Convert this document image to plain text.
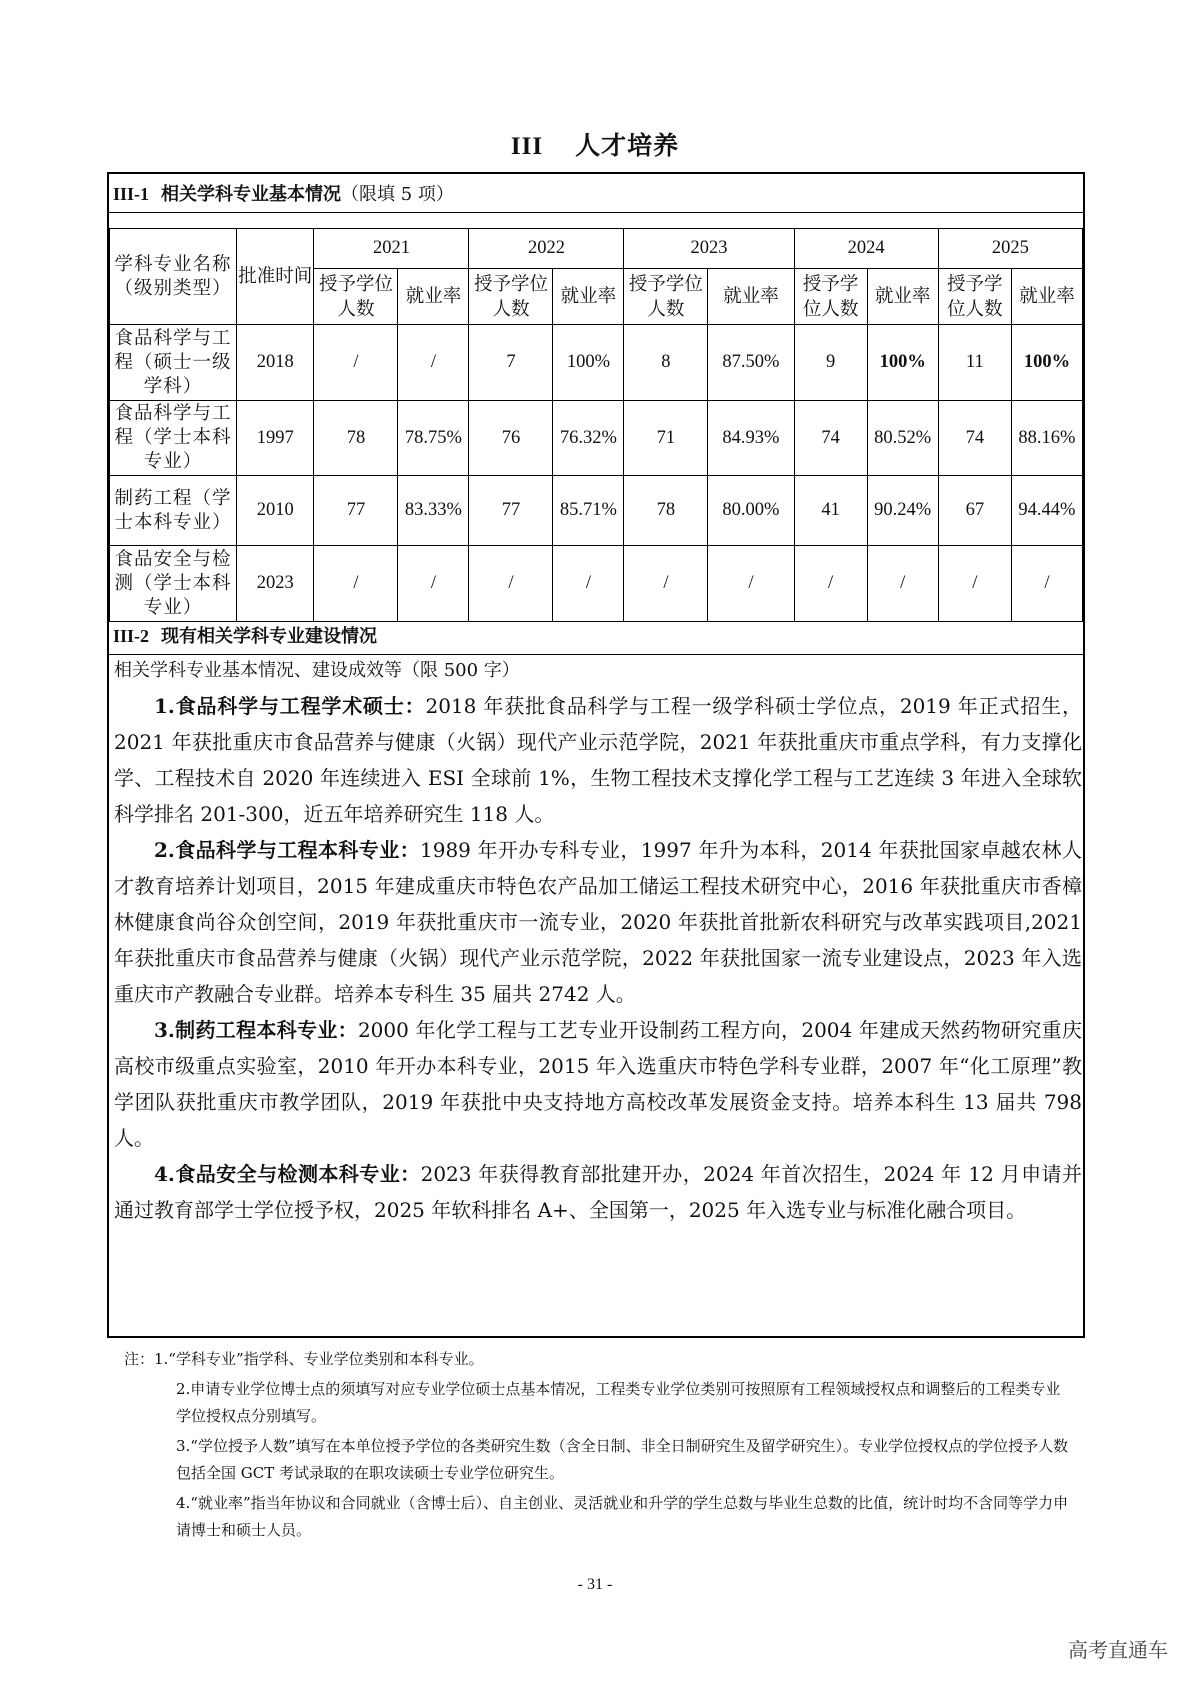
III 人才培养
III-1 相关学科专业基本情况（限填 5 项）
学科专业名称（级别类型）	批准时间	2021		2022		2023		2024		2025	
		授予学位人数	就业率	授予学位人数	就业率	授予学位人数	就业率	授予学位人数	就业率	授予学位人数	就业率
食品科学与工程（硕士一级学科）	2018	/	/	7	100%	8	87.50%	9	100%	11	100%
食品科学与工程（学士本科专业）	1997	78	78.75%	76	76.32%	71	84.93%	74	80.52%	74	88.16%
制药工程（学士本科专业）	2010	77	83.33%	77	85.71%	78	80.00%	41	90.24%	67	94.44%
食品安全与检测（学士本科专业）	2023	/	/	/	/	/	/	/	/	/	/
III-2 现有相关学科专业建设情况
相关学科专业基本情况、建设成效等（限 500 字）

1.食品科学与工程学术硕士：2018 年获批食品科学与工程一级学科硕士学位点，2019 年正式招生，2021 年获批重庆市食品营养与健康（火锅）现代产业示范学院，2021 年获批重庆市重点学科，有力支撑化学、工程技术自 2020 年连续进入 ESI 全球前 1%，生物工程技术支撑化学工程与工艺连续 3 年进入全球软科学排名 201-300，近五年培养研究生 118 人。

2.食品科学与工程本科专业：1989 年开办专科专业，1997 年升为本科，2014 年获批国家卓越农林人才教育培养计划项目，2015 年建成重庆市特色农产品加工储运工程技术研究中心，2016 年获批重庆市香樟林健康食尚谷众创空间，2019 年获批重庆市一流专业，2020 年获批首批新农科研究与改革实践项目,2021 年获批重庆市食品营养与健康（火锅）现代产业示范学院，2022 年获批国家一流专业建设点，2023 年入选重庆市产教融合专业群。培养本专科生 35 届共 2742 人。

3.制药工程本科专业：2000 年化学工程与工艺专业开设制药工程方向，2004 年建成天然药物研究重庆高校市级重点实验室，2010 年开办本科专业，2015 年入选重庆市特色学科专业群，2007 年“化工原理”教学团队获批重庆市教学团队，2019 年获批中央支持地方高校改革发展资金支持。培养本科生 13 届共 798 人。

4.食品安全与检测本科专业：2023 年获得教育部批建开办，2024 年首次招生，2024 年 12 月申请并通过教育部学士学位授予权，2025 年软科排名 A+、全国第一，2025 年入选专业与标准化融合项目。

注：1.“学科专业”指学科、专业学位类别和本科专业。
2.申请专业学位博士点的须填写对应专业学位硕士点基本情况，工程类专业学位类别可按照原有工程领域授权点和调整后的工程类专业学位授权点分别填写。
3.“学位授予人数”填写在本单位授予学位的各类研究生数（含全日制、非全日制研究生及留学研究生）。专业学位授权点的学位授予人数包括全国 GCT 考试录取的在职攻读硕士专业学位研究生。
4.“就业率”指当年协议和合同就业（含博士后）、自主创业、灵活就业和升学的学生总数与毕业生总数的比值，统计时均不含同等学力申请博士和硕士人员。
- 31 -
高考直通车
